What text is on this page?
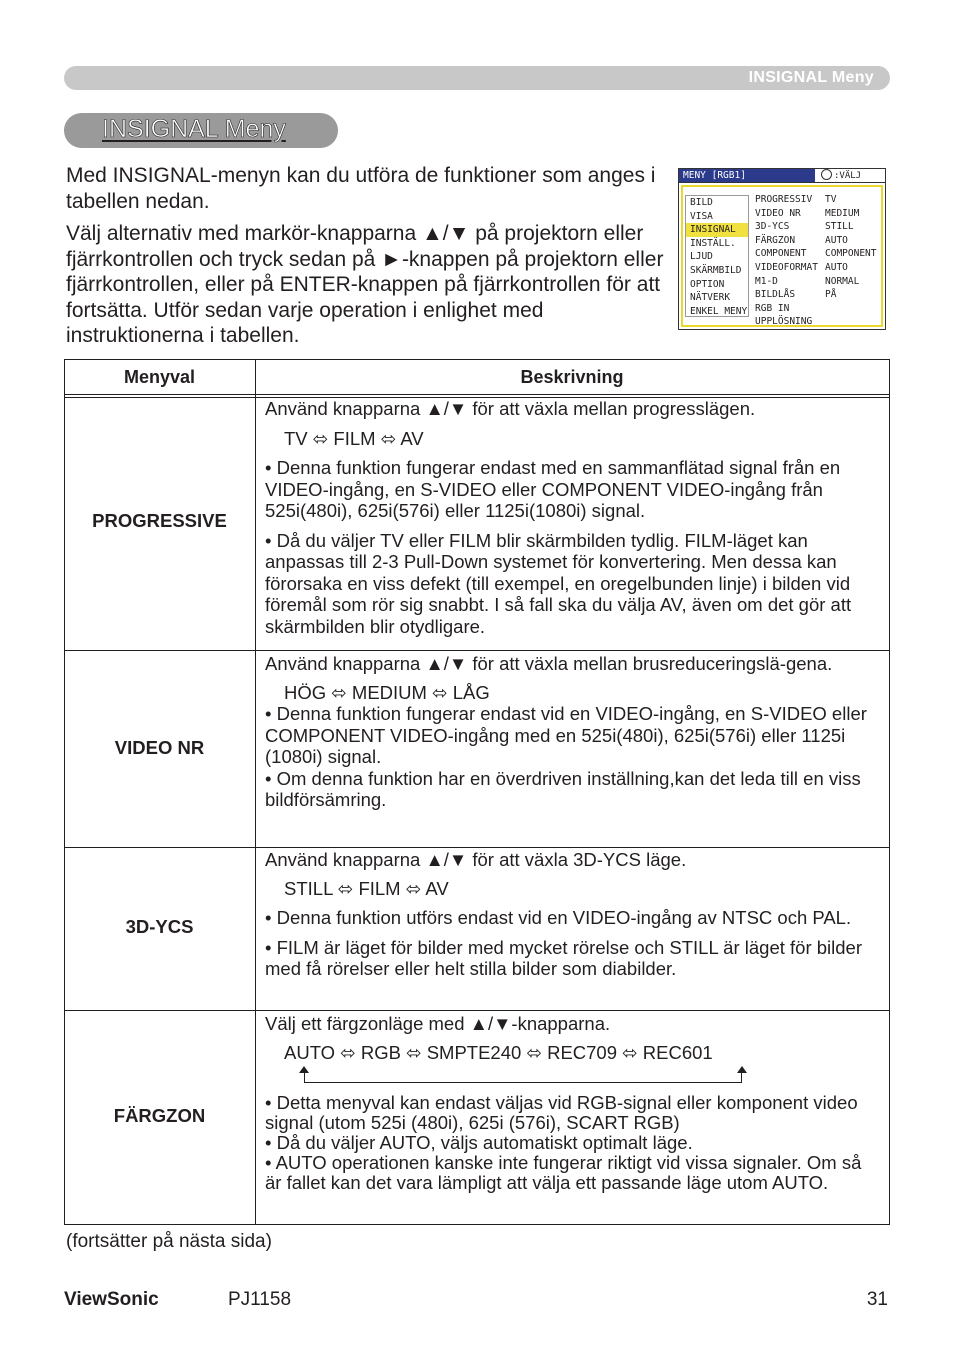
INSIGNAL Meny
INSIGNAL Meny

Med INSIGNAL-menyn kan du utföra de funktioner som anges i tabellen nedan.

Välj alternativ med markör-knapparna ▲/▼ på projektorn eller fjärrkontrollen och tryck sedan på ►-knappen på projektorn eller fjärrkontrollen, eller på ENTER-knappen på fjärrkontrollen för att fortsätta. Utför sedan varje operation i enlighet med instruktionerna i tabellen.

MENY [RGB1]	:VÄLJ
BILD
VISA
INSIGNAL
INSTÄLL.
LJUD
SKÄRMBILD
OPTION
NÄTVERK
ENKEL MENY
PROGRESSIV
VIDEO NR
3D-YCS
FÄRGZON
COMPONENT
VIDEOFORMAT
M1-D
BILDLÅS
RGB IN
UPPLÖSNING
TV
MEDIUM
STILL
AUTO
COMPONENT
AUTO
NORMAL
PÅ
Menyval	Beskrivning
PROGRESSIVE

Använd knapparna ▲/▼ för att växla mellan progresslägen.

TV ⬄ FILM ⬄ AV

• Denna funktion fungerar endast med en sammanflätad signal från en VIDEO-ingång, en S-VIDEO eller COMPONENT VIDEO-ingång från 525i(480i), 625i(576i) eller 1125i(1080i) signal.

• Då du väljer TV eller FILM blir skärmbilden tydlig. FILM-läget kan anpassas till 2-3 Pull-Down systemet för konvertering. Men dessa kan förorsaka en viss defekt (till exempel, en oregelbunden linje) i bilden vid föremål som rör sig snabbt. I så fall ska du välja AV, även om det gör att skärmbilden blir otydligare.

VIDEO NR

Använd knapparna ▲/▼ för att växla mellan brusreduceringslä-gena.

HÖG ⬄ MEDIUM ⬄ LÅG

• Denna funktion fungerar endast vid en VIDEO-ingång, en S-VIDEO eller COMPONENT VIDEO-ingång med en 525i(480i), 625i(576i) eller 1125i (1080i) signal.

• Om denna funktion har en överdriven inställning,kan det leda till en viss bildförsämring.

3D-YCS

Använd knapparna ▲/▼ för att växla 3D-YCS läge.

STILL ⬄ FILM ⬄ AV

• Denna funktion utförs endast vid en VIDEO-ingång av NTSC och PAL.

• FILM är läget för bilder med mycket rörelse och STILL är läget för bilder med få rörelser eller helt stilla bilder som diabilder.

FÄRGZON

Välj ett färgzonläge med ▲/▼-knapparna.

AUTO ⬄ RGB ⬄ SMPTE240 ⬄ REC709 ⬄ REC601

• Detta menyval kan endast väljas vid RGB-signal eller komponent video signal (utom 525i (480i), 625i (576i), SCART RGB)

• Då du väljer AUTO, väljs automatiskt optimalt läge.

• AUTO operationen kanske inte fungerar riktigt vid vissa signaler. Om så är fallet kan det vara lämpligt att välja ett passande läge utom AUTO.

(fortsätter på nästa sida)
ViewSonic	PJ1158	31
